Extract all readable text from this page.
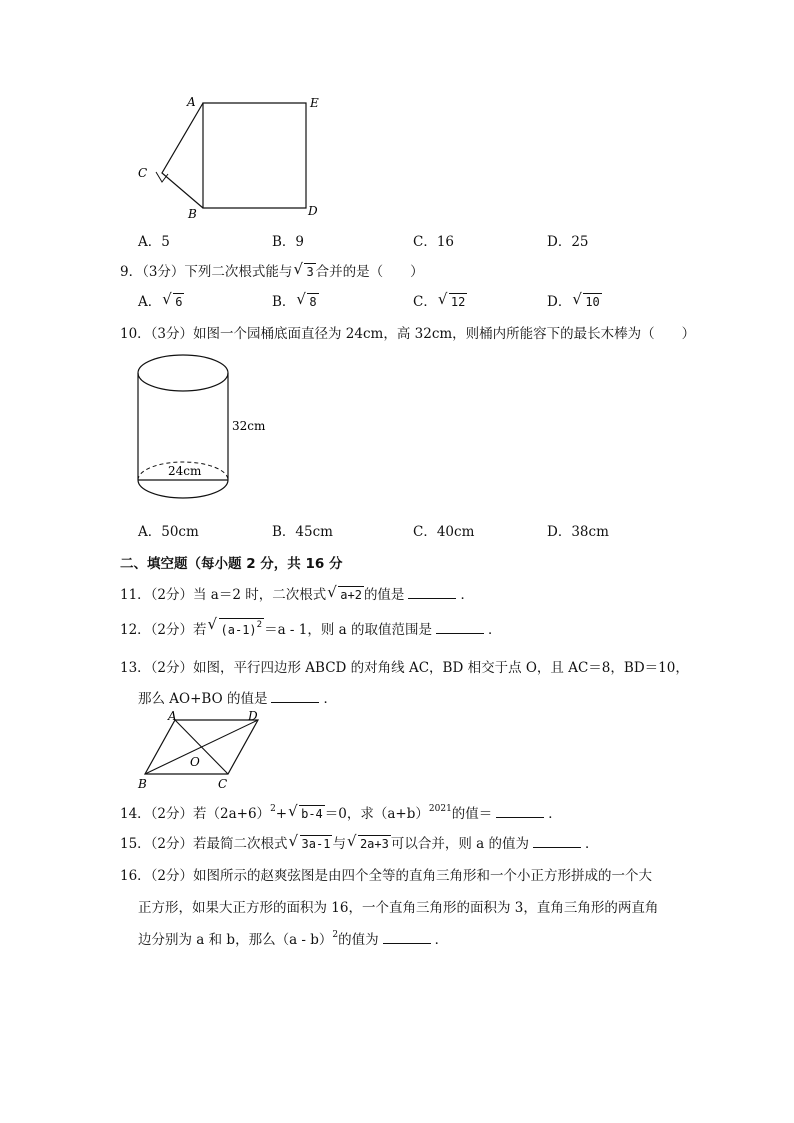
A	E
C
B	D
A．5	B．9	C．16	D．25
9．（3分）下列二次根式能与√ 3 合并的是（　　）
A．√ 6	B．√ 8	C．√ 12	D．√ 10
10．（3分）如图一个园桶底面直径为 24cm，高 32cm，则桶内所能容下的最长木棒为（　　）
32cm
24cm
A．50cm	B．45cm	C．40cm	D．38cm
二、填空题（每小题 2 分，共 16 分
11．（2分）当 a＝2 时，二次根式√ a+2 的值是	．
12．（2分）若√ $(a-1)^2 =a - 1$，则 a 的取值范围是	．
13．（2分）如图，平行四边形 ABCD 的对角线 AC，BD 相交于点 O，且 AC＝8，BD＝10，
那么 AO+BO 的值是	．
A	D
O
B	C
14．（2分）若$(2a+6)^2+√$ b-4 ＝0，求$(a+b)^{2021}$的值＝	．
15．（2分）若最简二次根式√ 3a-1 与√ 2a+3 可以合并，则 a 的值为	．
16．（2分）如图所示的赵爽弦图是由四个全等的直角三角形和一个小正方形拼成的一个大
正方形，如果大正方形的面积为 16，一个直角三角形的面积为 3，直角三角形的两直角
边分别为 a 和 b，那么（a - b）$^2$的值为	．
